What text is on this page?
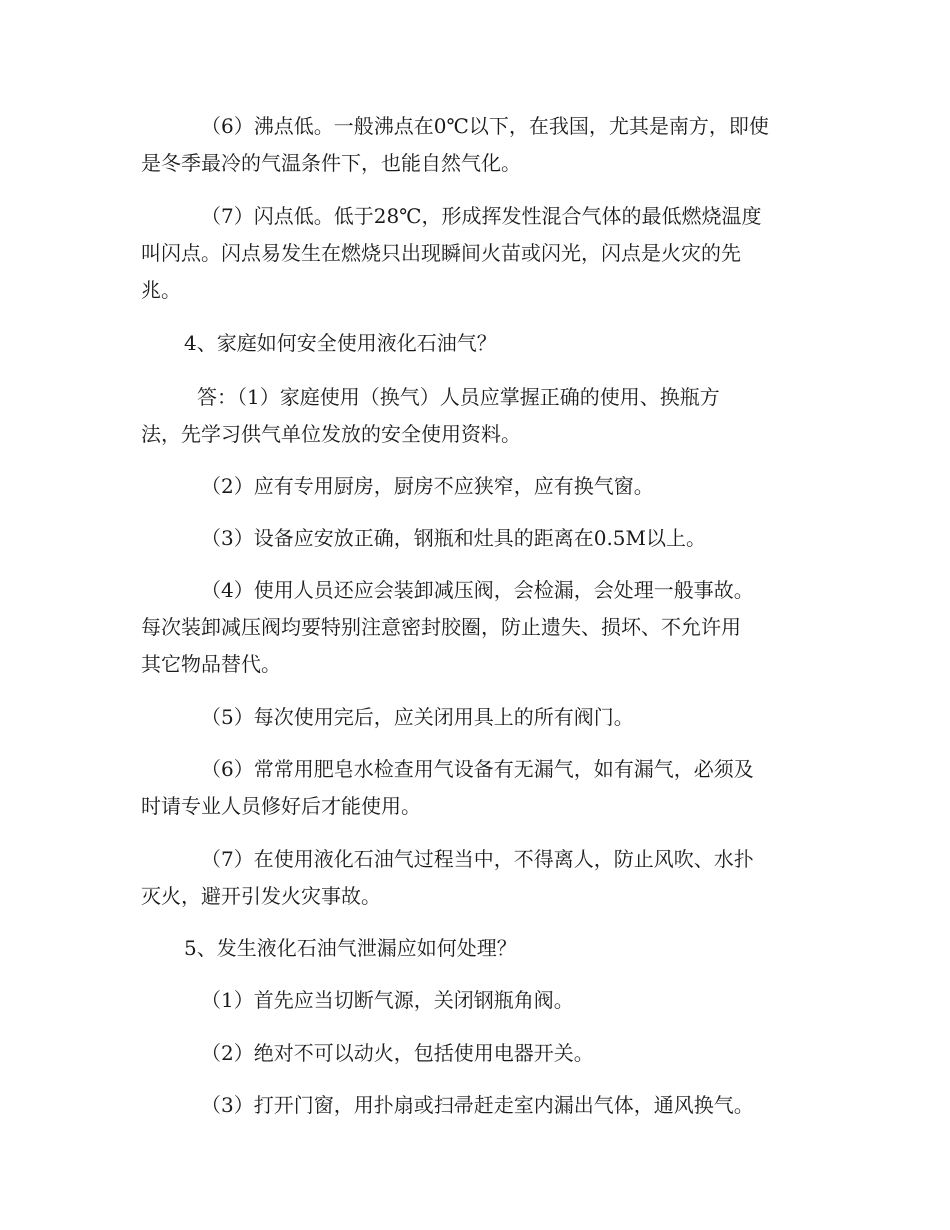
（6）沸点低。一般沸点在0℃以下，在我国，尤其是南方，即使
是冬季最冷的气温条件下，也能自然气化。
（7）闪点低。低于28℃，形成挥发性混合气体的最低燃烧温度
叫闪点。闪点易发生在燃烧只出现瞬间火苗或闪光，闪点是火灾的先
兆。
4、家庭如何安全使用液化石油气？
答：（1）家庭使用（换气）人员应掌握正确的使用、换瓶方
法，先学习供气单位发放的安全使用资料。
（2）应有专用厨房，厨房不应狭窄，应有换气窗。
（3）设备应安放正确，钢瓶和灶具的距离在0.5M以上。
（4）使用人员还应会装卸减压阀，会检漏，会处理一般事故。
每次装卸减压阀均要特别注意密封胶圈，防止遗失、损坏、不允许用
其它物品替代。
（5）每次使用完后，应关闭用具上的所有阀门。
（6）常常用肥皂水检查用气设备有无漏气，如有漏气，必须及
时请专业人员修好后才能使用。
（7）在使用液化石油气过程当中，不得离人，防止风吹、水扑
灭火，避开引发火灾事故。
5、发生液化石油气泄漏应如何处理？
（1）首先应当切断气源，关闭钢瓶角阀。
（2）绝对不可以动火，包括使用电器开关。
（3）打开门窗，用扑扇或扫帚赶走室内漏出气体，通风换气。
